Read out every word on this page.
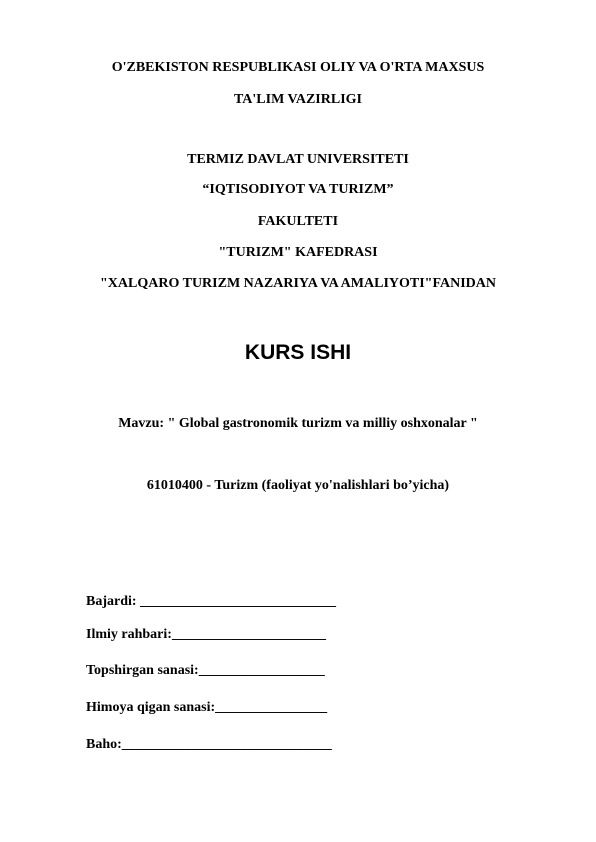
O'ZBEKISTON RESPUBLIKASI OLIY VA O'RTA MAXSUS
TA'LIM VAZIRLIGI
TERMIZ DAVLAT UNIVERSITETI
“IQTISODIYOT VA TURIZM”
FAKULTETI
"TURIZM" KAFEDRASI
"XALQARO TURIZM NAZARIYA VA AMALIYOTI"FANIDAN
KURS ISHI
Mavzu: " Global gastronomik turizm va milliy oshxonalar "
61010400 - Turizm (faoliyat yo'nalishlari bo’yicha)
Bajardi: ____________________________
Ilmiy rahbari:______________________
Topshirgan sanasi:__________________
Himoya qigan sanasi:________________
Baho:______________________________
